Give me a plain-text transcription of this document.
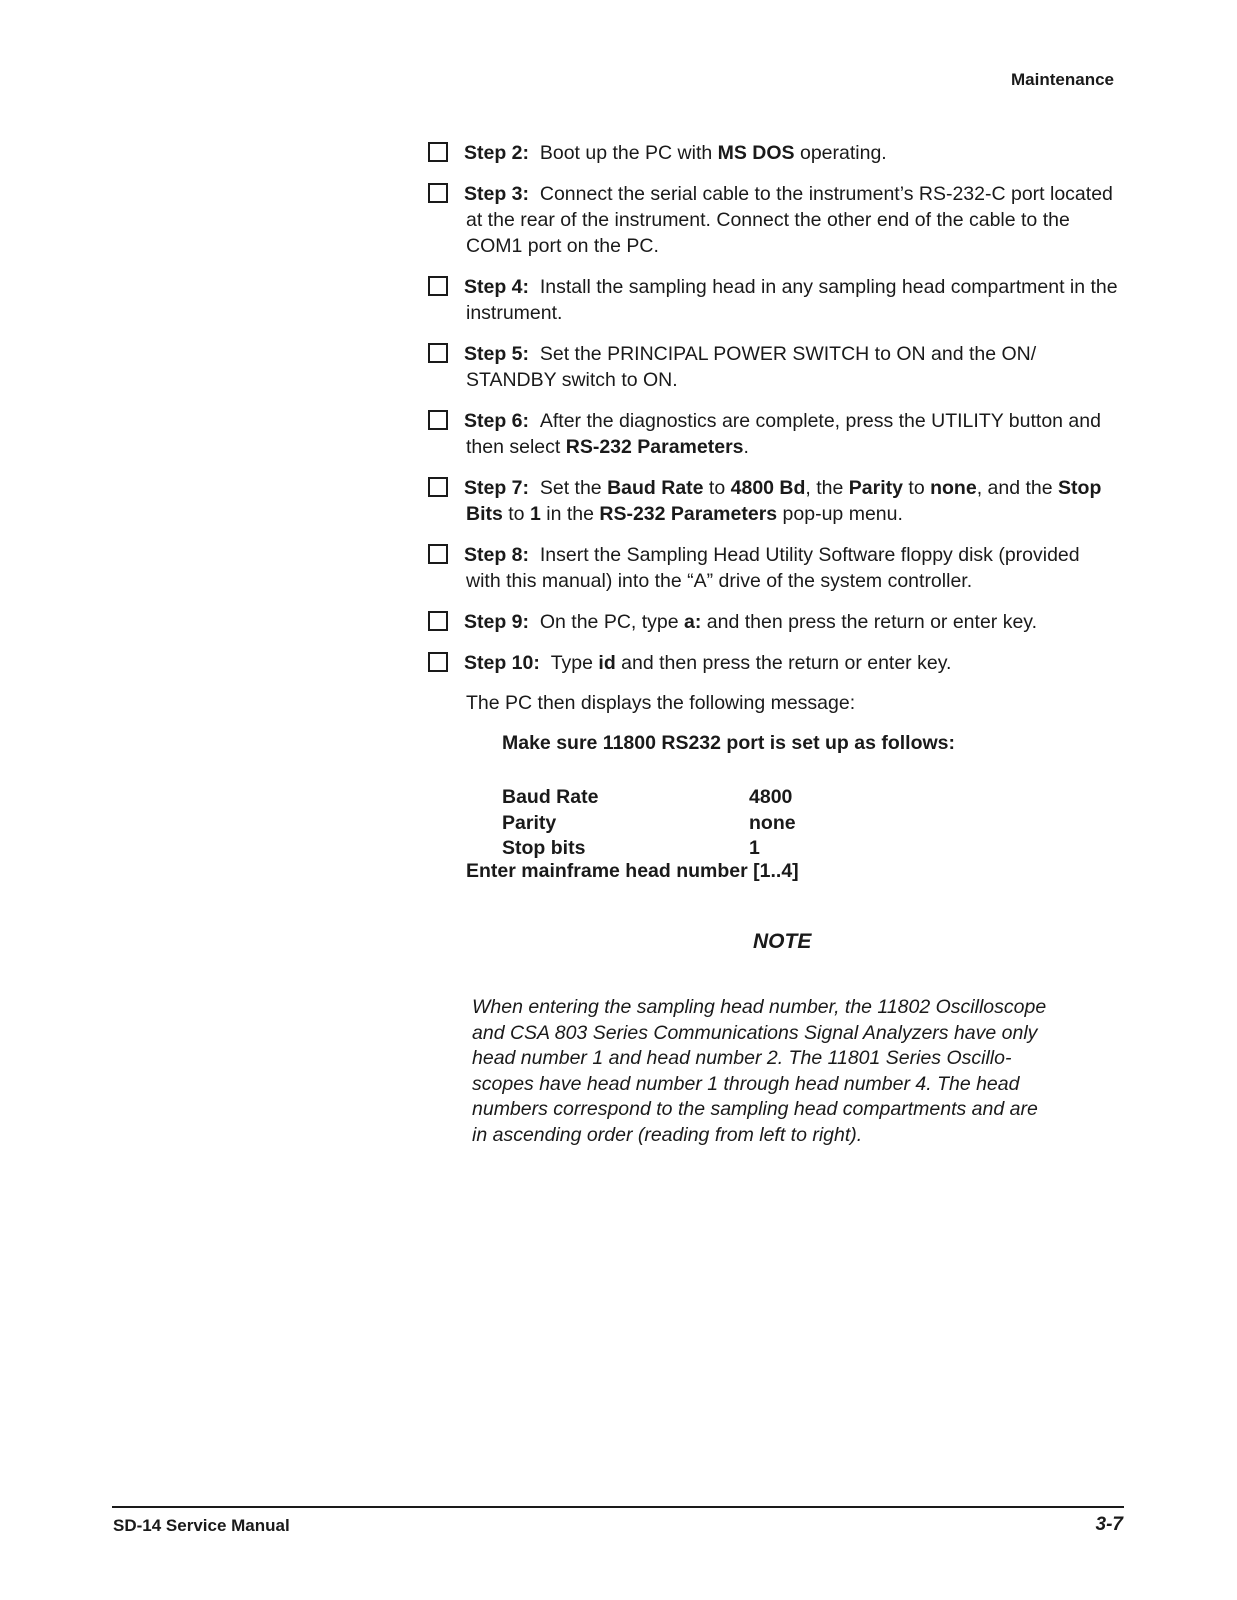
Maintenance
Step 2: Boot up the PC with MS DOS operating.
Step 3: Connect the serial cable to the instrument’s RS-232-C port located at the rear of the instrument. Connect the other end of the cable to the COM1 port on the PC.
Step 4: Install the sampling head in any sampling head compartment in the instrument.
Step 5: Set the PRINCIPAL POWER SWITCH to ON and the ON/ STANDBY switch to ON.
Step 6: After the diagnostics are complete, press the UTILITY button and then select RS-232 Parameters.
Step 7: Set the Baud Rate to 4800 Bd, the Parity to none, and the Stop Bits to 1 in the RS-232 Parameters pop-up menu.
Step 8: Insert the Sampling Head Utility Software floppy disk (provided with this manual) into the “A” drive of the system controller.
Step 9: On the PC, type a: and then press the return or enter key.
Step 10: Type id and then press the return or enter key.
The PC then displays the following message:
Make sure 11800 RS232 port is set up as follows:
Baud Rate	4800
Parity	none
Stop bits	1
Enter mainframe head number [1..4]
NOTE
When entering the sampling head number, the 11802 Oscilloscope
and CSA 803 Series Communications Signal Analyzers have only
head number 1 and head number 2. The 11801 Series Oscillo-
scopes have head number 1 through head number 4. The head
numbers correspond to the sampling head compartments and are
in ascending order (reading from left to right).
SD-14 Service Manual	3-7
